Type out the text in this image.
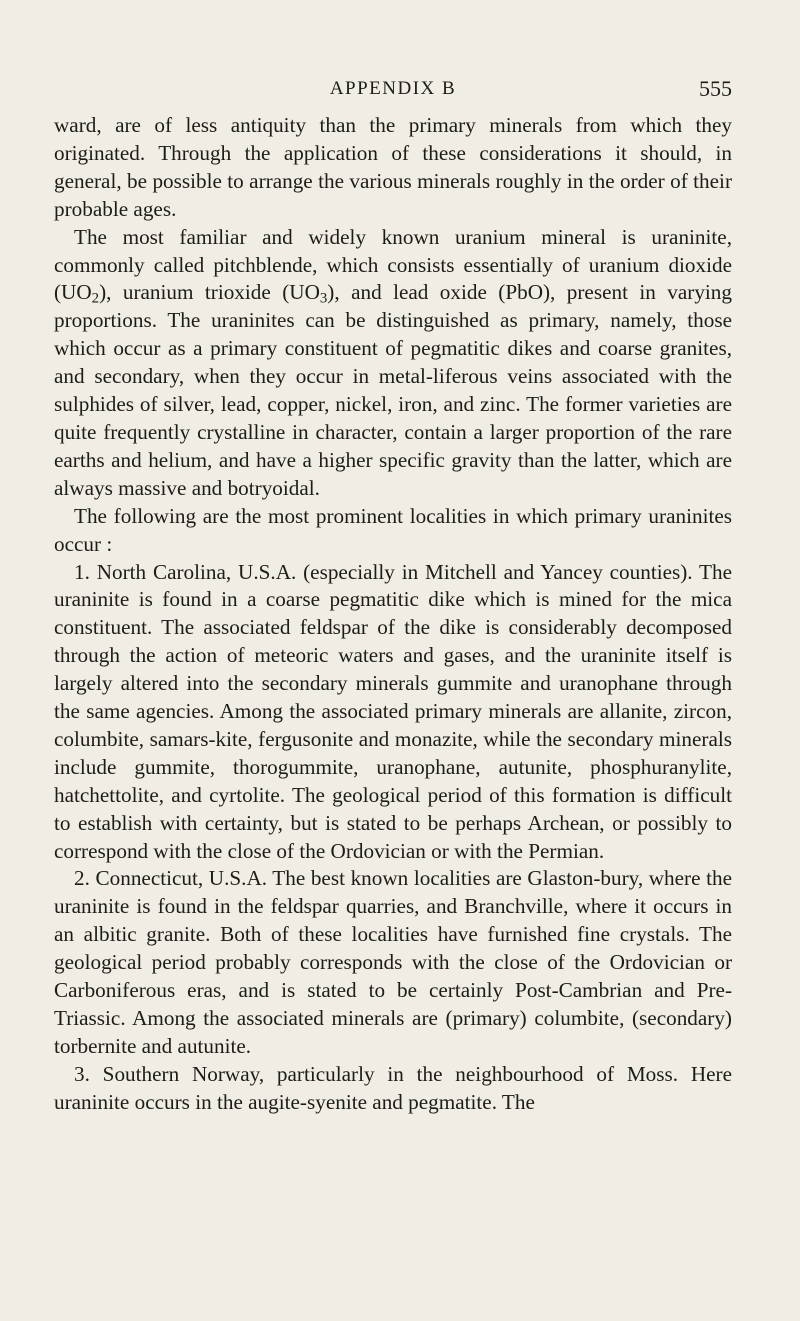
APPENDIX B	555

ward, are of less antiquity than the primary minerals from which they originated. Through the application of these considerations it should, in general, be possible to arrange the various minerals roughly in the order of their probable ages.

The most familiar and widely known uranium mineral is uraninite, commonly called pitchblende, which consists essentially of uranium dioxide $(UO_2)$, uranium trioxide $(UO_3)$, and lead oxide (PbO), present in varying proportions. The uraninites can be distinguished as primary, namely, those which occur as a primary constituent of pegmatitic dikes and coarse granites, and secondary, when they occur in metal-liferous veins associated with the sulphides of silver, lead, copper, nickel, iron, and zinc. The former varieties are quite frequently crystalline in character, contain a larger proportion of the rare earths and helium, and have a higher specific gravity than the latter, which are always massive and botryoidal.

The following are the most prominent localities in which primary uraninites occur :

1. North Carolina, U.S.A. (especially in Mitchell and Yancey counties). The uraninite is found in a coarse pegmatitic dike which is mined for the mica constituent. The associated feldspar of the dike is considerably decomposed through the action of meteoric waters and gases, and the uraninite itself is largely altered into the secondary minerals gummite and uranophane through the same agencies. Among the associated primary minerals are allanite, zircon, columbite, samars-kite, fergusonite and monazite, while the secondary minerals include gummite, thorogummite, uranophane, autunite, phosphuranylite, hatchettolite, and cyrtolite. The geological period of this formation is difficult to establish with certainty, but is stated to be perhaps Archean, or possibly to correspond with the close of the Ordovician or with the Permian.

2. Connecticut, U.S.A. The best known localities are Glaston-bury, where the uraninite is found in the feldspar quarries, and Branchville, where it occurs in an albitic granite. Both of these localities have furnished fine crystals. The geological period probably corresponds with the close of the Ordovician or Carboniferous eras, and is stated to be certainly Post-Cambrian and Pre-Triassic. Among the associated minerals are (primary) columbite, (secondary) torbernite and autunite.

3. Southern Norway, particularly in the neighbourhood of Moss. Here uraninite occurs in the augite-syenite and pegmatite. The
